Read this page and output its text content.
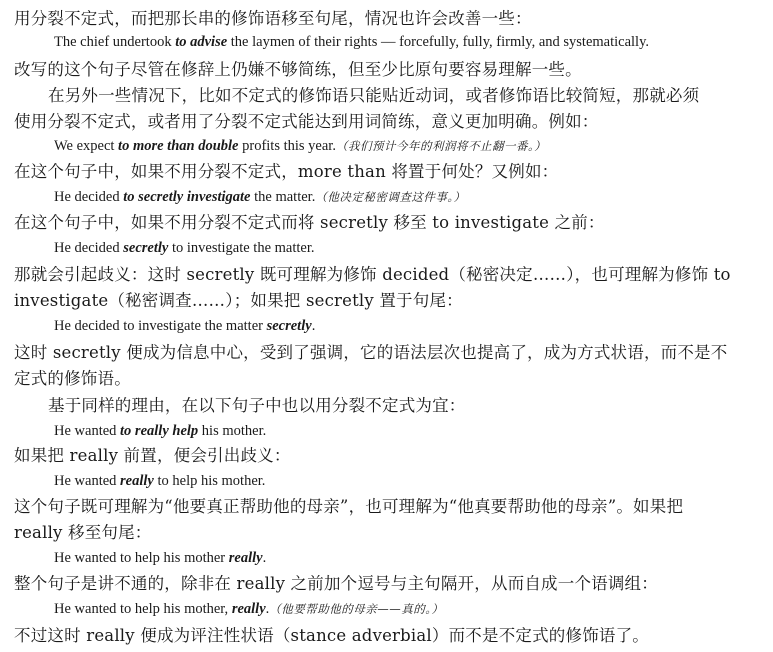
用分裂不定式，而把那长串的修饰语移至句尾，情况也许会改善一些：
The chief undertook to advise the laymen of their rights — forcefully, fully, firmly, and systematically.
改写的这个句子尽管在修辞上仍嫌不够简练，但至少比原句要容易理解一些。
在另外一些情况下，比如不定式的修饰语只能贴近动词，或者修饰语比较简短，那就必须
使用分裂不定式，或者用了分裂不定式能达到用词简练，意义更加明确。例如：
We expect to more than double profits this year.（我们预计今年的利润将不止翻一番。）
在这个句子中，如果不用分裂不定式，more than 将置于何处？又例如：
He decided to secretly investigate the matter.（他决定秘密调查这件事。）
在这个句子中，如果不用分裂不定式而将 secretly 移至 to investigate 之前：
He decided secretly to investigate the matter.
那就会引起歧义：这时 secretly 既可理解为修饰 decided（秘密决定……），也可理解为修饰 to
investigate（秘密调查……）；如果把 secretly 置于句尾：
He decided to investigate the matter secretly.
这时 secretly 便成为信息中心，受到了强调，它的语法层次也提高了，成为方式状语，而不是不
定式的修饰语。
基于同样的理由，在以下句子中也以用分裂不定式为宜：
He wanted to really help his mother.
如果把 really 前置，便会引出歧义：
He wanted really to help his mother.
这个句子既可理解为“他要真正帮助他的母亲”，也可理解为“他真要帮助他的母亲”。如果把
really 移至句尾：
He wanted to help his mother really.
整个句子是讲不通的，除非在 really 之前加个逗号与主句隔开，从而自成一个语调组：
He wanted to help his mother, really.（他要帮助他的母亲——真的。）
不过这时 really 便成为评注性状语（stance adverbial）而不是不定式的修饰语了。
